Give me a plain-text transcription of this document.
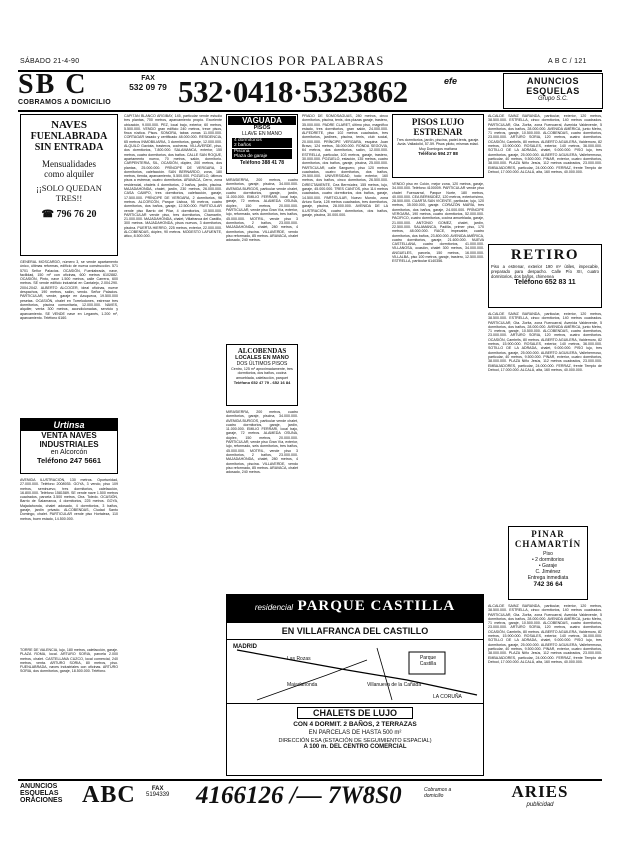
SÁBADO 21-4-90	ANUNCIOS POR PALABRAS	A B C / 121
SB C
COBRAMOS A DOMICILIO
FAX
532 09 79 532·0418·5323862	efe	ANUNCIOS
ESQUELAS
Grupo S.C.
NAVES
FUENLABRADA
SIN ENTRADA
Mensualidades
como alquiler
¡¡SOLO QUEDAN
TRES!!
☎ 796 76 20
GENERAL MOSCARDÓ, número 3, se vende apartamento único, últimas reformas, edificio de nueva construcción. 571 5701 Señor Palacios. OCASIÓN, Fuenlabrada, nave, facilidad, 150 m² con oficinas, 600 metros 6102882. OCASIÓN, Pinto, nave 1.500 metros, calle Carrera, 600 metros. SE vende edificio industrial en Cantalejo, 2.004.290. 2004.2042. ALBERTO ALCOCER, ideal oficinas, nueve despachos, 190 metros, salón, vendo. Señor Palacios. PARTICULAR, vende, garaje en Azuqueca, 19.500.000 pesetas. OCASIÓN, chalet en Torrelodones, estrenar tres dormitorios, piscina comunitaria, 12.000.000. NAVES, alquiler, venta 300 metros, acondicionadas, servicio y aparcamiento. SE VENDE nave en Leganés, 1.200 m², aparcamiento. Teléfono 6160.
Urtinsa
VENTA NAVES
INDUSTRIALES
en Alcorcón
Teléfono 247 5661
AVENIDA ILUSTRACIÓN, 130 metros. Oportunidad, 27.000.000. Teléfono 2008935. GOYA, 3 vendo, piso 109 metros, seminuevo, tres dormitorios, calefacción, 16.800.000. Teléfono 1581589. SE vende nave 1.500 metros cuadrados, parcela 3.500 metros, Ctra. Toledo. OCASIÓN, Barrio de Salamanca, 4 dormitorios, 225 metros. GOYA, Majadahonda, chalet adosado, 4 dormitorios, 3 baños, garaje, jardín privado. ALCOBENDAS, Ciudad Santo Domingo, chalet. PARTICULAR vende piso Hortaleza, 110 metros, buen estado, 14.500.000.
TORRE DE VALENCIA, lujo, 180 metros, calefacción, garaje. PLAZA ROMA, local. ARTURO SORIA, parcela 2.000 metros, chalet. CASTELLANA CUZCO, local comercial, 240 metros, venta. ARTURO SORIA, 80 metros, piso. FUENLABRADA, naves industriales con oficinas. ARTURO SORIA, dos dormitorios, garaje, 18.500.000. Teléfono.
CAPITÁN BLANCO ARGIBAY, 145, particular vende estudio tres plantas, 700 metros, aparcamiento propio. Excelente ubicación, 9.000.000. PEZ, local bajo, exterior, 60 metros, 5.500.000. VENDO gran edificio 240 metros, trece pisos, finca rústica. Pisos. SONORA, tabas zonas 11.000.000. CORTAGAR tasado y certificado 48.000.000. RESIDENCIA, 65 metros INMOBILIARIA, 3 dormitorios, garaje, 12.000.000. ALQUILO Gaviota, trasteros, cocheras. VILLAVERDE, piso, dos dormitorios, 7.800.000. SALAMANCA, exterior, 150 metros, cuatro dormitorios, dos baños. CALLE SAN ROQUE, apartamento nuevo, 70 metros, salón, dormitorio. CARPENTERIA, SIL, OCASIÓN, dúplex, 200 metros, dos plantas, 25.000.000. PRÍNCIPE DE VERGARA, 3 dormitorios, calefacción. SAN BERNARDO, zona, 180 metros, tienda, aparcamiento, 5.500.000. POZUELO, últimos pisos a estrenar, cuatro dormitorios. ARAVACA, Cerro, zona residencial, chalets 4 dormitorios, 2 baños, jardín, piscina. MAJADAHONDA, chalet, jardín, 230 metros, 26.000.000. CASA CAMPO, tres dormitorios, calefacción, garaje, 17.500.000. PRÍNCIPE DE VERGARA, 2 dormitorios, 96 metros. ALCORCÓN, Parque Lisboa, 95 metros, cuatro dormitorios, dos baños, garaje, 12.500.000. PARTICULAR vende piso Barrio del Pilar, 4 dormitorios, 10.500.000. PARTICULAR vende piso, tres dormitorios, Chamartín, 21.000.000. MAJADAHONDA, chalet, Villafranca del Castillo, 300 metros. MAJADAHONDA, pisos nuevos, 3 dormitorios, piscina. PUERTA HIERRO, 225 metros, exterior, 22.000.000. ALCOBENDAS, dúplex, 90 metros. MODESTO LAFUENTE, ático, 8.500.000.
VAGUADA
PISOS
LLAVE EN MANO
4 dormitorios
2 baños
Piscina
Plaza de garaje
Teléfono 388 41 78
MIRASIERRA, 200 metros, cuatro dormitorios, garaje, piscina, 34.000.000. AVENIDA BURGOS, particular vende chalet, cuatro dormitorios, garaje, jardín, 11.000.000. EMILIO FERRARI, local bajo, garaje, 72 metros. ALAMEDA OSUNA, dúplex, 150 metros, 20.000.000. PARTICULAR, vende piso Gran Vía, exterior, lujo, reformado, seis dormitorios, tres baños, 45.000.000. MOTRIL, vende piso 3 dormitorios, 2 baños, 23.000.000. MAJADAHONDA, chalet, 280 metros, 4 dormitorios, piscina. VILLAVERDE, vendo piso reformado, 85 metros. ARAVACA, chalet adosado, 240 metros.
ALCOBENDAS
LOCALES EN MANO
DOS ÚLTIMOS PISOS
Centro, 125 m² aproximadamente, tres dormitorios, dos baños, cocina amueblada, calefacción, parquet
Teléfono 652 47 79 - 652 16 84
MIRASIERRA, 200 metros, cuatro dormitorios, garaje, piscina, 34.000.000. AVENIDA BURGOS, particular vende chalet, cuatro dormitorios, garaje, jardín, 11.000.000. EMILIO FERRARI, local bajo, garaje, 72 metros. ALAMEDA OSUNA, dúplex, 150 metros, 20.000.000. PARTICULAR, vende piso Gran Vía, exterior, lujo, reformado, seis dormitorios, tres baños, 45.000.000. MOTRIL, vende piso 3 dormitorios, 2 baños, 23.000.000. MAJADAHONDA, chalet, 280 metros, 4 dormitorios, piscina. VILLAVERDE, vendo piso reformado, 85 metros. ARAVACA, chalet adosado, 240 metros.
PRADO DE SOMOSAGUAS, 280 metros, cinco dormitorios, piscina, tenis, dos plazas garaje, trastero, 35.000.000. PADRE CLARET, último piso, magnífico estado, tres dormitorios, gran salón, 24.000.000. ALFEDRETE, piso 102 metros cuadrados, tres dormitorios, jardines, piscina, tenis, club social, 20.000.000. PRÍNCIPE VERGARA, esquina Juan Bravo, 124 metros, 36.000.000. RONDA SEGOVIA, 64 metros, dos dormitorios, salón, 12.000.000. ESTRELLA, particular, 103 metros, garaje, trastero, 30.000.000. POZUELO, estación, 135 metros, cuatro dormitorios, dos baños, garaje, piscina, 25.000.000. PARTICULAR, calle Sanguero, piso 120 metros cuadrados, cuatro dormitorios, dos baños, 29.500.000. UNIVERSIDAD, todo exterior, 160 metros, dos baños, cinco dormitorios, 26.500.000. DIRECTAMENTE, Cea Bermúdez, 155 metros, lujo, garaje, 45.000.000. TRES CANTOS, piso 114 metros cuadrados, cuatro dormitorios, dos baños, garaje, 14.500.000. PARTICULAR, Nuevo Mundo, zona Arturo Soria, 128 metros cuadrados, tres dormitorios, garaje, piscina, 28.000.000. AVENIDA DE LA ILUSTRACIÓN, cuatro dormitorios, dos baños, garaje, piscina, 30.000.000.
PISOS LUJO
ESTRENAR
Tres dormitorios, jardín, piscina, padel-tenis, garaje. Avda. Valladolid, 57-59. Pisos piloto, mismas edad. Muy Domingos mañana
Teléfono 594 27 88
VENDO piso en Colón, mejor zona, 120 metros, garaje, 34.000.000. Teléfono 4100009. PARTICULAR vende piso chalet Fuencarral, Parque Norte, 180 metros, 40.000.000. CEA BERMÚDEZ, 120 metros, exteriorísimo, 28.500.000. CUARTA SAN VICENTE, particular, lujo, 120 metros, 35.000.000, garaje. CORAZÓN MARÍA, tres dormitorios, dos baños, garaje, 24.000.000. PRÍNCIPE VERGARA, 190 metros, cuatro dormitorios, 52.000.000. PACIFICO, cuatro dormitorios, cocina amueblada, garaje, 21.000.000. ANTONIO GOMEZ, chalet, jardín, 22.500.000. SALAMANCA, Padilla, primer piso, 170 metros, 48.000.000. RACE, impecable, cuatro dormitorios, dos baños, 23.800.000. AVENIDA AMÉRICA, cuatro dormitorios, garaje, 21.600.000. NUEVA CASTELLANA, cuatro dormitorios, 41.000.000. VILLANOSA, ocasión, chalet 300 metros, 34.000.000. ANGUELES, parcela, 150 metros, 16.000.000. VILLALBA, piso 100 metros, garaje, trastero, 12.500.000. ESTRELLA, particular 6140356.
ALCALDE SAINZ BARANDA, particular, exterior, 120 metros, 38.500.000. ESTRELLA, cinco dormitorios, 140 metros cuadrados. PARTICULAR, Gta. Zorita, zona Fuencarral, Avenida Valdeverde, 5 dormitorios, dos baños, 28.000.000. AVENIDA AMÉRICA, junto Metro, 71 metros, garaje, 10.500.000. ALCOBENDAS, cuatro dormitorios, 23.000.000. ARTURO SORIA, 120 metros, cuatro dormitorios. OCASIÓN, Cambrils, 80 metros. ALBERTO AGUILERA, Valdemoro, 82 metros, 15.900.000. ROSALES, exterior, 140 metros, 36.000.000. SOTILLO DE LA ADRADA, chalet, 9.000.000. PISO lujo, tres dormitorios, garaje, 25.000.000. ALBERTO AGUILERA, Vallehermoso, particular, 40 metros, 9.500.000. PINAR, exterior, cuatro dormitorios, 38.000.000. PLAZA Niño Jesús, 112 metros cuadrados, 23.000.000. EMBAJADORES, particular, 24.000.000. FERRAZ, frente Templo de Debod, 17.000.000. ALCALÁ, alta, 160 metros, 40.000.000.
RETIRO
Piso a estrenar, exterior 190 m² útiles, impecable, preparado para despacho. Calle Pío XII, cuatro dormitorios, dos baños, chimenea
Teléfono 652 83 11
ALCALDE SAINZ BARANDA, particular, exterior, 120 metros, 38.500.000. ESTRELLA, cinco dormitorios, 140 metros cuadrados. PARTICULAR, Gta. Zorita, zona Fuencarral, Avenida Valdeverde, 5 dormitorios, dos baños, 28.000.000. AVENIDA AMÉRICA, junto Metro, 71 metros, garaje, 10.500.000. ALCOBENDAS, cuatro dormitorios, 23.000.000. ARTURO SORIA, 120 metros, cuatro dormitorios. OCASIÓN, Cambrils, 80 metros. ALBERTO AGUILERA, Valdemoro, 82 metros, 15.900.000. ROSALES, exterior, 140 metros, 36.000.000. SOTILLO DE LA ADRADA, chalet, 9.000.000. PISO lujo, tres dormitorios, garaje, 25.000.000. ALBERTO AGUILERA, Vallehermoso, particular, 40 metros, 9.500.000. PINAR, exterior, cuatro dormitorios, 38.000.000. PLAZA Niño Jesús, 112 metros cuadrados, 23.000.000. EMBAJADORES, particular, 24.000.000. FERRAZ, frente Templo de Debod, 17.000.000. ALCALÁ, alta, 160 metros, 40.000.000.
PINAR
CHAMARTÍN
Piso
• 2 dormitorios
• Garaje
C. Jiménez
Entrega inmediata
742 36 64
ALCALDE SAINZ BARANDA, particular, exterior, 120 metros, 38.500.000. ESTRELLA, cinco dormitorios, 140 metros cuadrados. PARTICULAR, Gta. Zorita, zona Fuencarral, Avenida Valdeverde, 5 dormitorios, dos baños, 28.000.000. AVENIDA AMÉRICA, junto Metro, 71 metros, garaje, 10.500.000. ALCOBENDAS, cuatro dormitorios, 23.000.000. ARTURO SORIA, 120 metros, cuatro dormitorios. OCASIÓN, Cambrils, 80 metros. ALBERTO AGUILERA, Valdemoro, 82 metros, 15.900.000. ROSALES, exterior, 140 metros, 36.000.000. SOTILLO DE LA ADRADA, chalet, 9.000.000. PISO lujo, tres dormitorios, garaje, 25.000.000. ALBERTO AGUILERA, Vallehermoso, particular, 40 metros, 9.500.000. PINAR, exterior, cuatro dormitorios, 38.000.000. PLAZA Niño Jesús, 112 metros cuadrados, 23.000.000. EMBAJADORES, particular, 24.000.000. FERRAZ, frente Templo de Debod, 17.000.000. ALCALÁ, alta, 160 metros, 40.000.000.
residencial PARQUE CASTILLA
EN VILLAFRANCA DEL CASTILLO
MADRID
Las Rozas
Majadahonda	Villanueva de la Cañada
Parque Castilla
LA CORUÑA
CHALETS DE LUJO
CON 4 DORMIT. 2 BAÑOS, 2 TERRAZAS
EN PARCELAS DE HASTA 500 m²
DIRECCIÓN ESA (ESTACIÓN DE SEGUIMIENTO ESPACIAL)
A 100 m. DEL CENTRO COMERCIAL
ANUNCIOS
ESQUELAS
ORACIONES ABC	FAX
5194339 4166126 /— 7W8S0	Cobramos a domicilio	ARIES
publicidad
